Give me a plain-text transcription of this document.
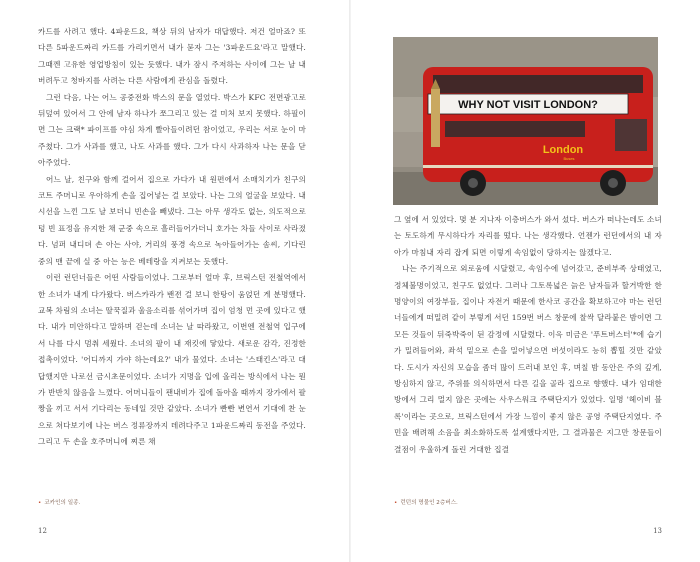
카드를 사려고 했다. 4파운드요, 책상 뒤의 남자가 대답했다. 저건 얼마죠? 또 다른 5파운드짜리 카드를 가리키면서 내가 묻자 그는 '3파운드요'라고 말했다. 그때껜 고유한 영업방침이 있는 듯했다. 내가 잠시 주저하는 사이에 그는 날 내버려두고 청바지를 사려는 다른 사람에게 관심을 돌렸다.

그런 다음, 나는 어느 공중전화 박스의 문을 열었다. 박스가 KFC 전면광고로 뒤덮여 있어서 그 안에 남자 하나가 쪼그리고 있는 걸 미처 보지 못했다. 하필이면 그는 크랙* 파이프를 야심 차게 빨아들이려던 참이었고, 우리는 서로 눈이 마주쳤다. 그가 사과를 했고, 나도 사과를 했다. 그가 다시 사과하자 나는 문을 닫아주었다.

어느 날, 친구와 함께 걸어서 집으로 가다가 내 원편에서 소매치기가 친구의 코트 주머니로 우아하게 손을 집어넣는 걸 보았다. 나는 그의 얼굴을 보았다. 내 시선을 느낀 그도 날 보더니 빈손을 빼냈다. 그는 아무 생각도 없는, 의도적으로 텅 빈 표정을 유지한 채 군중 속으로 흘러들어가더니 호가는 차들 사이로 사라졌다. 넘퍼 내디뎌 손 아는 사야, 거리의 풍경 속으로 녹아들어가는 솜씨, 기다린 중의 맨 끝에 실 중 아는 능은 베테랑을 지켜보는 듯했다.

이런 런던너들은 어떤 사람들이었나. 그로부터 얼마 후, 브릭스턴 전철역에서 한 소녀가 내게 다가왔다. 버스카라가 밴젼 걸 보니 한탕이 움얹던 게 분명했다. 교복 차림의 소녀는 딸꾹질과 울음소리를 섞어가며 집이 엄청 먼 곳에 있다고 했다. 내가 미안하다고 말하며 걷는데 소녀는 날 따라왔고, 이번엔 전철역 입구에서 나를 다시 멈춰 세웠다. 소녀의 팔이 내 재킷에 닿았다. 새로운 감각, 진정한 접촉이었다. '어디까지 가야 하는데요?' 내가 물었다. 소녀는 '스태킨스'라고 대답했지만 나로선 금시초문이었다. 소녀가 지명을 입에 올리는 방식에서 나는 뭔가 반반치 않음을 느꼈다. 어머니들이 팬내비가 집에 돌아올 때까지 장가에서 팔짱을 끼고 서서 기다리는 동네일 것만 같았다. 소녀가 빤빤 변연서 기대에 찬 눈으로 쳐다보기에 나는 버스 정류장까지 데려다주고 1파운드짜리 동전을 주었다. 그리고 두 손을 호주머니에 찌른 채

• 코카인의 일종.
12
WHY NOT VISIT LONDON?
London
Buses

그 옆에 서 있었다. 몇 분 지나자 이층버스가 와서 섰다. 버스가 떠나는데도 소녀는 토도하게 무시하다가 자리를 떴다. 나는 생각했다. 언젠가 런던에서의 내 자아가 마침내 자리 잡게 되면 이렇게 속임없이 당하지는 않겠다고.

나는 주기적으로 외로움에 시달렸고, 속임수에 넘어갔고, 준비부족 상태였고, 정체불명이었고, 친구도 없었다. 그러나 그토록넓은 늙은 남자들과 할거박한 한 명양이의 여장부들, 집이나 자전거 때문에 한사코 공간을 확보하고야 마는 런던너들에게 떠밀려 같이 부렇게 서던 159번 버스 창문에 찰싹 달라붙은 밤이면 그 모든 것들이 뒤죽박죽이 된 감정에 시달렸다. 이윽 미금은 '푸트버스터'*에 습기가 밀려들어와, 좌석 밑으로 손을 밀어넣으면 버섯이라도 능히 뽑힐 것만 같았다. 도시가 자신의 모습을 좀더 많이 드러내 보인 후, 며칠 밤 동안은 주의 깊게, 방심하지 않고, 주위를 의식하면서 다른 길을 골라 집으로 향했다. 내가 임대한 방에서 그리 멀지 않은 곳에는 사우스워크 주택단지가 있었다. 일명 '헤이비 블록'이라는 곳으로, 브릭스턴에서 가장 느낌이 좋지 않은 공영 주택단지였다. 주민을 배려해 소음을 최소화하도록 설계했다지만, 그 결과물은 지그만 창문들이 결점이 우울하게 돌린 거대한 집결

• 런던의 명물인 2층버스.
13
